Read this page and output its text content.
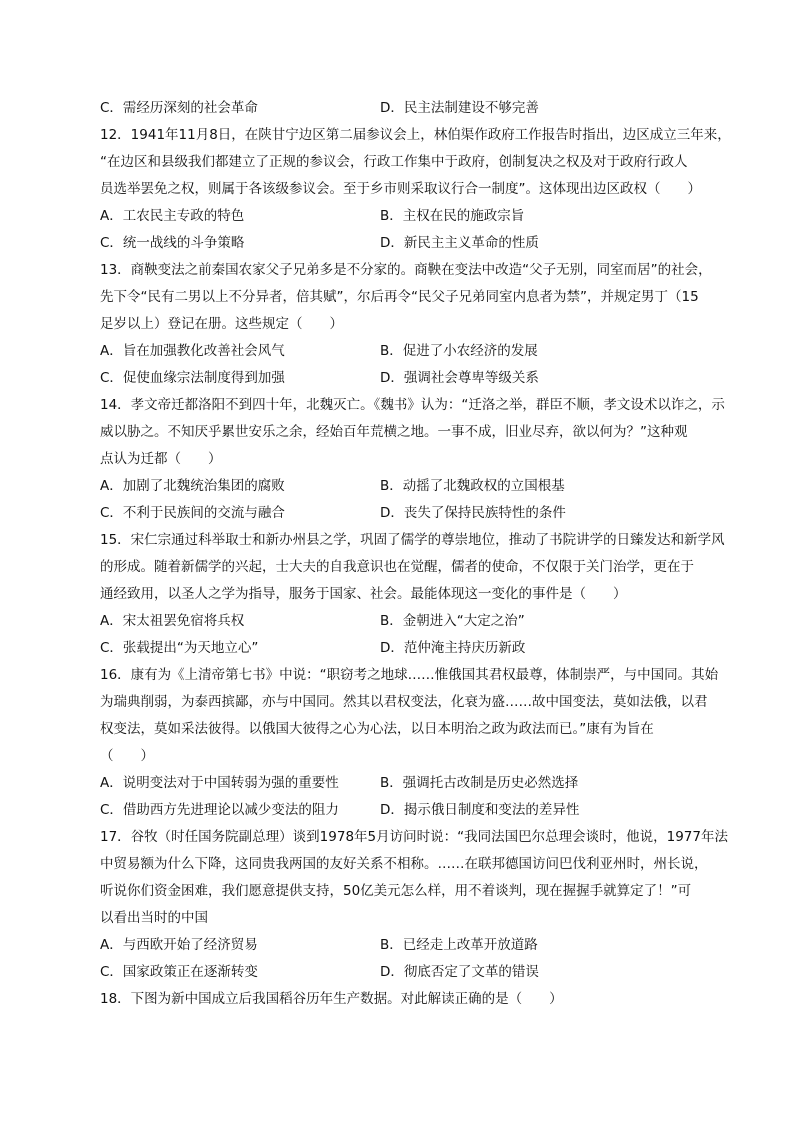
C．需经历深刻的社会革命	D．民主法制建设不够完善
12．1941年11月8日，在陕甘宁边区第二届参议会上，林伯渠作政府工作报告时指出，边区成立三年来，
“在边区和县级我们都建立了正规的参议会，行政工作集中于政府，创制复决之权及对于政府行政人
员选举罢免之权，则属于各该级参议会。至于乡市则采取议行合一制度”。这体现出边区政权（　　）
A．工农民主专政的特色	B．主权在民的施政宗旨
C．统一战线的斗争策略	D．新民主主义革命的性质
13．商鞅变法之前秦国农家父子兄弟多是不分家的。商鞅在变法中改造“父子无别，同室而居”的社会，
先下令“民有二男以上不分异者，倍其赋”，尔后再令“民父子兄弟同室内息者为禁”，并规定男丁（15
足岁以上）登记在册。这些规定（　　）
A．旨在加强教化改善社会风气	B．促进了小农经济的发展
C．促使血缘宗法制度得到加强	D．强调社会尊卑等级关系
14．孝文帝迁都洛阳不到四十年，北魏灭亡。《魏书》认为：“迁洛之举，群臣不顺，孝文设术以诈之，示
威以胁之。不知厌乎累世安乐之余，经始百年荒横之地。一事不成，旧业尽弃，欲以何为？”这种观
点认为迁都（　　）
A．加剧了北魏统治集团的腐败	B．动摇了北魏政权的立国根基
C．不利于民族间的交流与融合	D．丧失了保持民族特性的条件
15．宋仁宗通过科举取士和新办州县之学，巩固了儒学的尊崇地位，推动了书院讲学的日臻发达和新学风
的形成。随着新儒学的兴起，士大夫的自我意识也在觉醒，儒者的使命，不仅限于关门治学，更在于
通经致用，以圣人之学为指导，服务于国家、社会。最能体现这一变化的事件是（　　）
A．宋太祖罢免宿将兵权	B．金朝进入“大定之治”
C．张载提出“为天地立心”	D．范仲淹主持庆历新政
16．康有为《上清帝第七书》中说：“职窃考之地球……惟俄国其君权最尊，体制崇严，与中国同。其始
为瑞典削弱，为泰西摈鄙，亦与中国同。然其以君权变法，化衰为盛……故中国变法，莫如法俄，以君
权变法，莫如采法彼得。以俄国大彼得之心为心法，以日本明治之政为政法而已。”康有为旨在
（　　）
A．说明变法对于中国转弱为强的重要性	B．强调托古改制是历史必然选择
C．借助西方先进理论以减少变法的阻力	D．揭示俄日制度和变法的差异性
17．谷牧（时任国务院副总理）谈到1978年5月访问时说：“我同法国巴尔总理会谈时，他说，1977年法
中贸易额为什么下降，这同贵我两国的友好关系不相称。……在联邦德国访问巴伐利亚州时，州长说，
听说你们资金困难，我们愿意提供支持，50亿美元怎么样，用不着谈判，现在握握手就算定了！”可
以看出当时的中国
A．与西欧开始了经济贸易	B．已经走上改革开放道路
C．国家政策正在逐渐转变	D．彻底否定了文革的错误
18．下图为新中国成立后我国稻谷历年生产数据。对此解读正确的是（　　）
